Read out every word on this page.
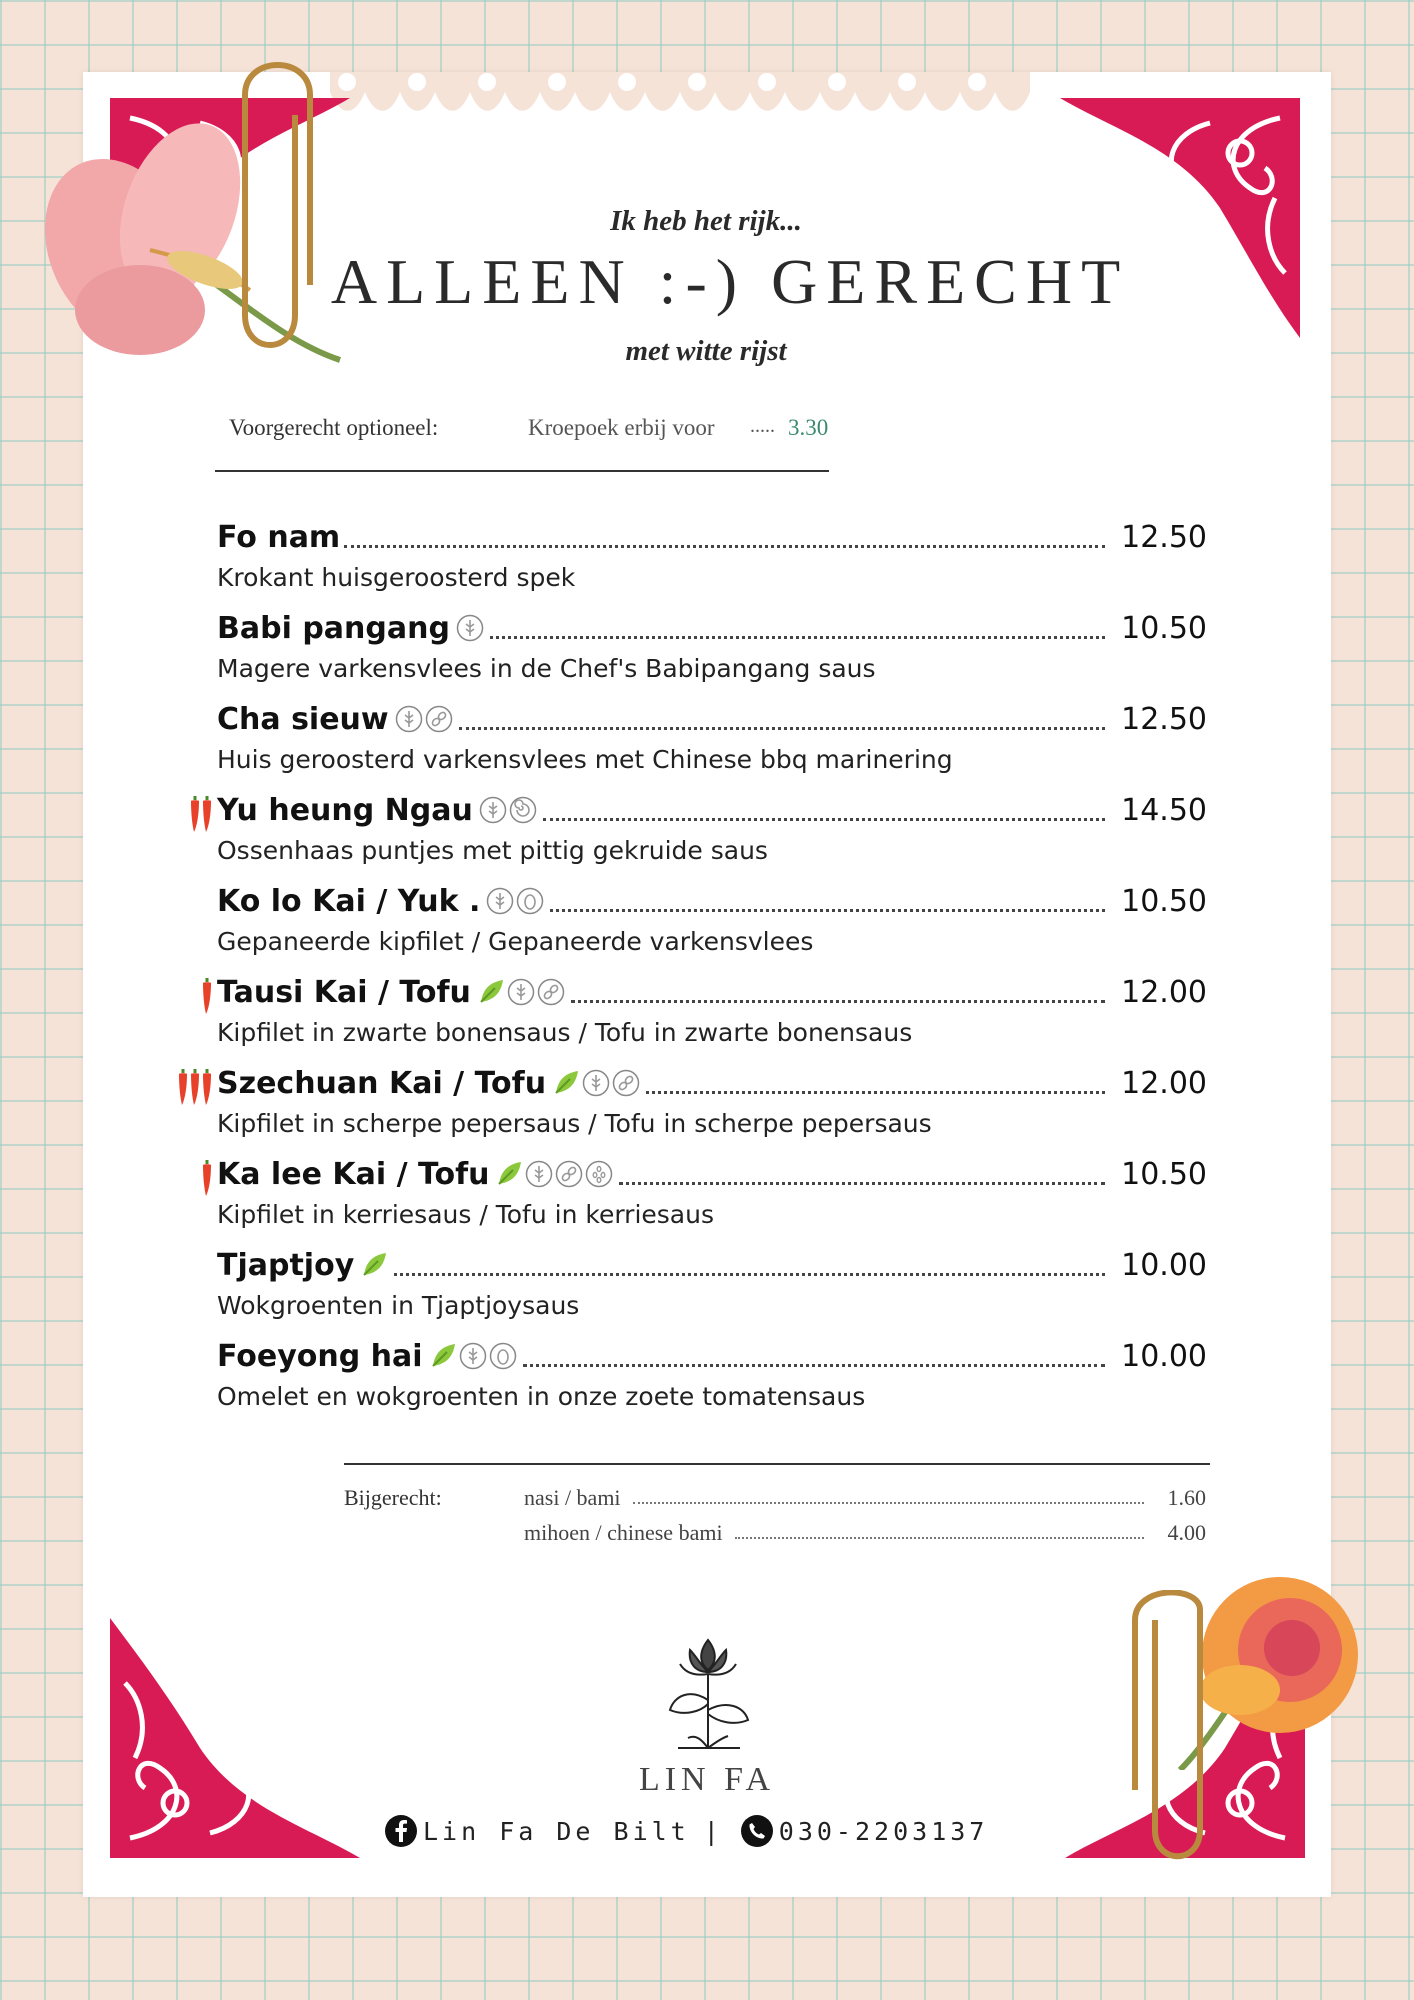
Ik heb het rijk...
ALLEEN :-) GERECHT
met witte rijst
Voorgerecht optioneel:	Kroepoek erbij voor ..... 3.30
Fo nam	12.50
Krokant huisgeroosterd spek
Babi pangang	10.50
Magere varkensvlees in de Chef's Babipangang saus
Cha sieuw	12.50
Huis geroosterd varkensvlees met Chinese bbq marinering
Yu heung Ngau	14.50
Ossenhaas puntjes met pittig gekruide saus
Ko lo Kai / Yuk .	10.50
Gepaneerde kipfilet / Gepaneerde varkensvlees
Tausi Kai / Tofu	12.00
Kipfilet in zwarte bonensaus / Tofu in zwarte bonensaus
Szechuan Kai / Tofu	12.00
Kipfilet in scherpe pepersaus / Tofu in scherpe pepersaus
Ka lee Kai / Tofu	10.50
Kipfilet in kerriesaus / Tofu in kerriesaus
Tjaptjoy	10.00
Wokgroenten in Tjaptjoysaus
Foeyong hai	10.00
Omelet en wokgroenten in onze zoete tomatensaus
Bijgerecht:	nasi / bami	1.60
mihoen / chinese bami	4.00
LIN FA
Lin Fa De Bilt | 030-2203137
